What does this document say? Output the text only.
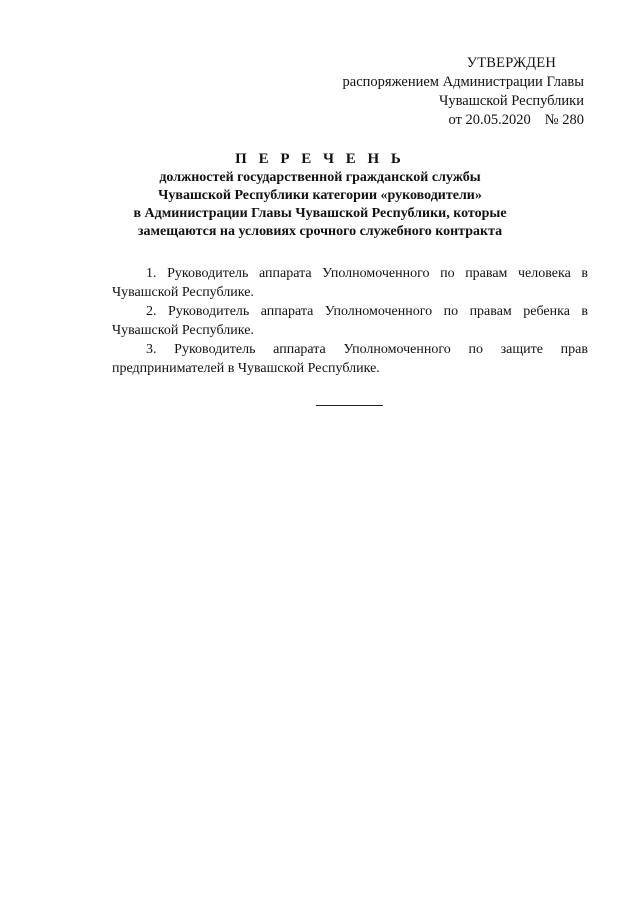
УТВЕРЖДЕН
распоряжением Администрации Главы
Чувашской Республики
от 20.05.2020 № 280
П Е Р Е Ч Е Н Ь
должностей государственной гражданской службы
Чувашской Республики категории «руководители»
в Администрации Главы Чувашской Республики, которые
замещаются на условиях срочного служебного контракта

1. Руководитель аппарата Уполномоченного по правам человека в Чувашской Республике.

2. Руководитель аппарата Уполномоченного по правам ребенка в Чувашской Республике.

3. Руководитель аппарата Уполномоченного по защите прав предпринимателей в Чувашской Республике.
